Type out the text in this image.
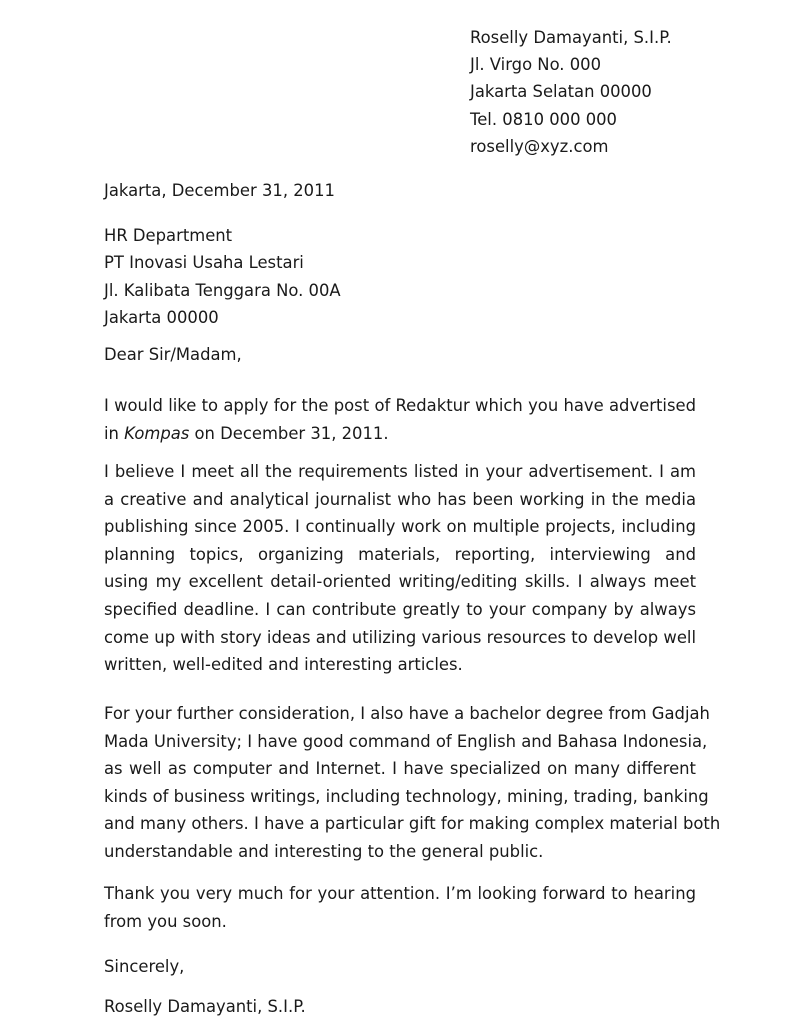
Roselly Damayanti, S.I.P.
Jl. Virgo No. 000
Jakarta Selatan 00000
Tel. 0810 000 000
roselly@xyz.com
Jakarta, December 31, 2011
HR Department
PT Inovasi Usaha Lestari
Jl. Kalibata Tenggara No. 00A
Jakarta 00000
Dear Sir/Madam,
I would like to apply for the post of Redaktur which you have advertised
in Kompas on December 31, 2011.
I believe I meet all the requirements listed in your advertisement. I am
a creative and analytical journalist who has been working in the media
publishing since 2005. I continually work on multiple projects, including
planning topics, organizing materials, reporting, interviewing and
using my excellent detail-oriented writing/editing skills. I always meet
specified deadline. I can contribute greatly to your company by always
come up with story ideas and utilizing various resources to develop well
written, well-edited and interesting articles.
For your further consideration, I also have a bachelor degree from Gadjah
Mada University; I have good command of English and Bahasa Indonesia,
as well as computer and Internet. I have specialized on many different
kinds of business writings, including technology, mining, trading, banking
and many others. I have a particular gift for making complex material both
understandable and interesting to the general public.
Thank you very much for your attention. I’m looking forward to hearing
from you soon.
Sincerely,
Roselly Damayanti, S.I.P.
